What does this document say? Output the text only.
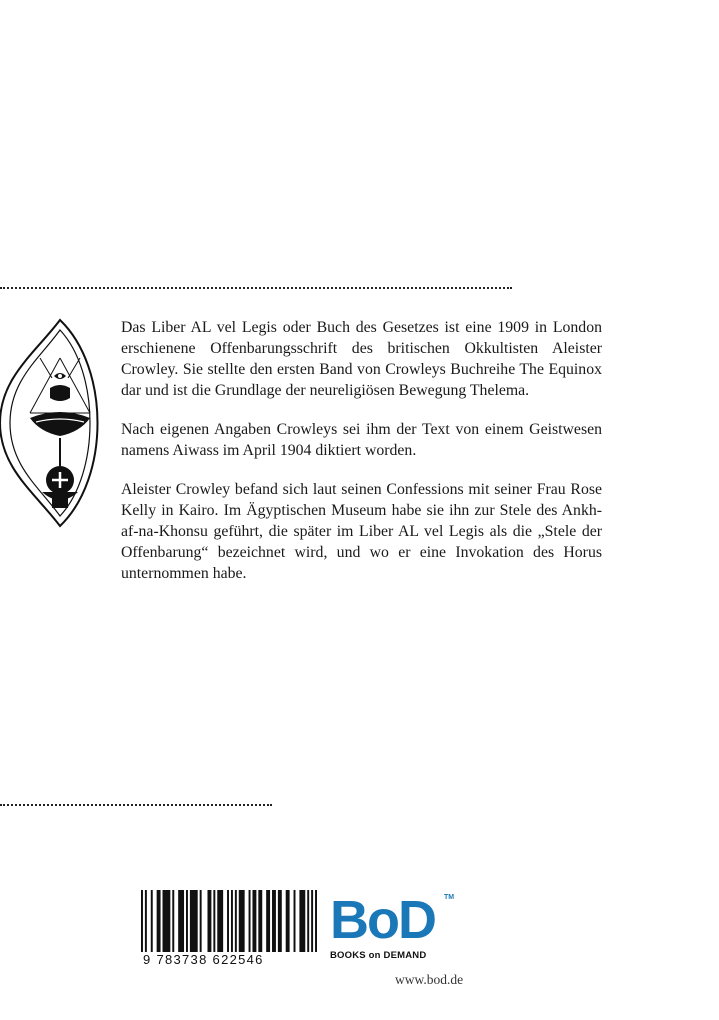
Das Liber AL vel Legis oder Buch des Gesetzes ist eine 1909 in London erschienene Offenbarungsschrift des britischen Okkultisten Aleister Crowley. Sie stellte den ersten Band von Crowleys Buchreihe The Equinox dar und ist die Grundlage der neureligiösen Bewegung Thelema.

Nach eigenen Angaben Crowleys sei ihm der Text von einem Geistwesen namens Aiwass im April 1904 diktiert worden.

Aleister Crowley befand sich laut seinen Confessions mit seiner Frau Rose Kelly in Kairo. Im Ägyptischen Museum habe sie ihn zur Stele des Ankh-af-na-Khonsu geführt, die später im Liber AL vel Legis als die „Stele der Offenbarung“ bezeichnet wird, und wo er eine Invokation des Horus unternommen habe.

9 783738 622546
BoD TM
BOOKS on DEMAND
www.bod.de
